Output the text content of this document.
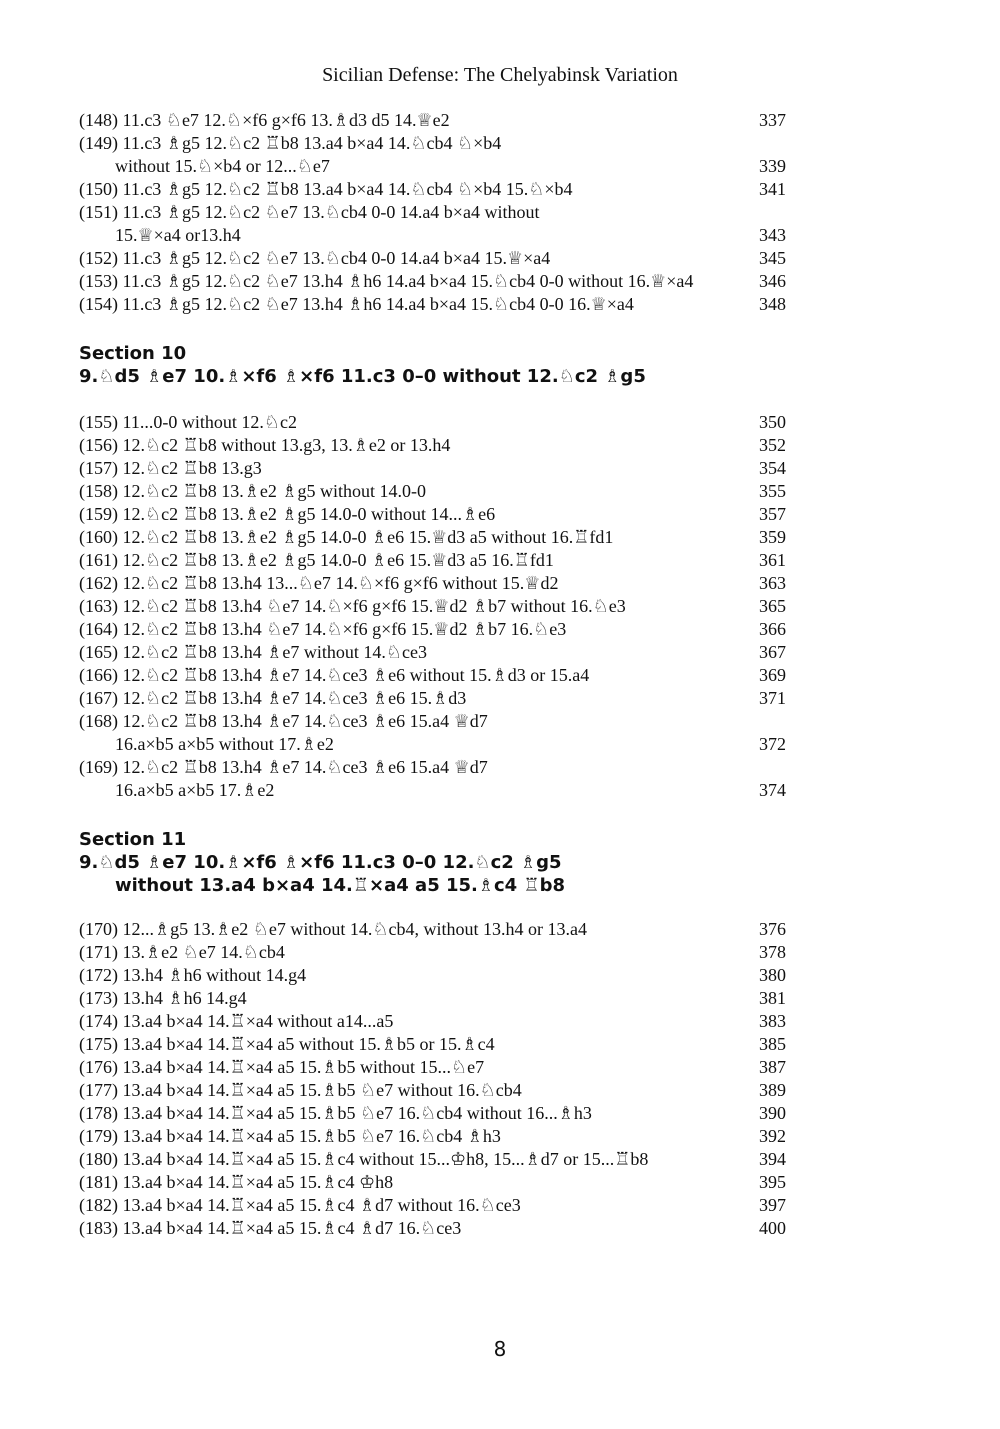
Sicilian Defense: The Chelyabinsk Variation
(148) 11.c3 ♘e7 12.♘×f6 g×f6 13.♗d3 d5 14.♕e2	337
(149) 11.c3 ♗g5 12.♘c2 ♖b8 13.a4 b×a4 14.♘cb4 ♘×b4
without 15.♘×b4 or 12...♘e7	339
(150) 11.c3 ♗g5 12.♘c2 ♖b8 13.a4 b×a4 14.♘cb4 ♘×b4 15.♘×b4	341
(151) 11.c3 ♗g5 12.♘c2 ♘e7 13.♘cb4 0-0 14.a4 b×a4 without
15.♕×a4 or13.h4	343
(152) 11.c3 ♗g5 12.♘c2 ♘e7 13.♘cb4 0-0 14.a4 b×a4 15.♕×a4	345
(153) 11.c3 ♗g5 12.♘c2 ♘e7 13.h4 ♗h6 14.a4 b×a4 15.♘cb4 0-0 without 16.♕×a4	346
(154) 11.c3 ♗g5 12.♘c2 ♘e7 13.h4 ♗h6 14.a4 b×a4 15.♘cb4 0-0 16.♕×a4	348
Section 10
9.♘d5 ♗e7 10.♗×f6 ♗×f6 11.c3 0–0 without 12.♘c2 ♗g5
(155) 11...0-0 without 12.♘c2	350
(156) 12.♘c2 ♖b8 without 13.g3, 13.♗e2 or 13.h4	352
(157) 12.♘c2 ♖b8 13.g3	354
(158) 12.♘c2 ♖b8 13.♗e2 ♗g5 without 14.0-0	355
(159) 12.♘c2 ♖b8 13.♗e2 ♗g5 14.0-0 without 14...♗e6	357
(160) 12.♘c2 ♖b8 13.♗e2 ♗g5 14.0-0 ♗e6 15.♕d3 a5 without 16.♖fd1	359
(161) 12.♘c2 ♖b8 13.♗e2 ♗g5 14.0-0 ♗e6 15.♕d3 a5 16.♖fd1	361
(162) 12.♘c2 ♖b8 13.h4 13...♘e7 14.♘×f6 g×f6 without 15.♕d2	363
(163) 12.♘c2 ♖b8 13.h4 ♘e7 14.♘×f6 g×f6 15.♕d2 ♗b7 without 16.♘e3	365
(164) 12.♘c2 ♖b8 13.h4 ♘e7 14.♘×f6 g×f6 15.♕d2 ♗b7 16.♘e3	366
(165) 12.♘c2 ♖b8 13.h4 ♗e7 without 14.♘ce3	367
(166) 12.♘c2 ♖b8 13.h4 ♗e7 14.♘ce3 ♗e6 without 15.♗d3 or 15.a4	369
(167) 12.♘c2 ♖b8 13.h4 ♗e7 14.♘ce3 ♗e6 15.♗d3	371
(168) 12.♘c2 ♖b8 13.h4 ♗e7 14.♘ce3 ♗e6 15.a4 ♕d7
16.a×b5 a×b5 without 17.♗e2	372
(169) 12.♘c2 ♖b8 13.h4 ♗e7 14.♘ce3 ♗e6 15.a4 ♕d7
16.a×b5 a×b5 17.♗e2	374
Section 11
9.♘d5 ♗e7 10.♗×f6 ♗×f6 11.c3 0–0 12.♘c2 ♗g5
without 13.a4 b×a4 14.♖×a4 a5 15.♗c4 ♖b8
(170) 12...♗g5 13.♗e2 ♘e7 without 14.♘cb4, without 13.h4 or 13.a4	376
(171) 13.♗e2 ♘e7 14.♘cb4	378
(172) 13.h4 ♗h6 without 14.g4	380
(173) 13.h4 ♗h6 14.g4	381
(174) 13.a4 b×a4 14.♖×a4 without a14...a5	383
(175) 13.a4 b×a4 14.♖×a4 a5 without 15.♗b5 or 15.♗c4	385
(176) 13.a4 b×a4 14.♖×a4 a5 15.♗b5 without 15...♘e7	387
(177) 13.a4 b×a4 14.♖×a4 a5 15.♗b5 ♘e7 without 16.♘cb4	389
(178) 13.a4 b×a4 14.♖×a4 a5 15.♗b5 ♘e7 16.♘cb4 without 16...♗h3	390
(179) 13.a4 b×a4 14.♖×a4 a5 15.♗b5 ♘e7 16.♘cb4 ♗h3	392
(180) 13.a4 b×a4 14.♖×a4 a5 15.♗c4 without 15...♔h8, 15...♗d7 or 15...♖b8	394
(181) 13.a4 b×a4 14.♖×a4 a5 15.♗c4 ♔h8	395
(182) 13.a4 b×a4 14.♖×a4 a5 15.♗c4 ♗d7 without 16.♘ce3	397
(183) 13.a4 b×a4 14.♖×a4 a5 15.♗c4 ♗d7 16.♘ce3	400
8
